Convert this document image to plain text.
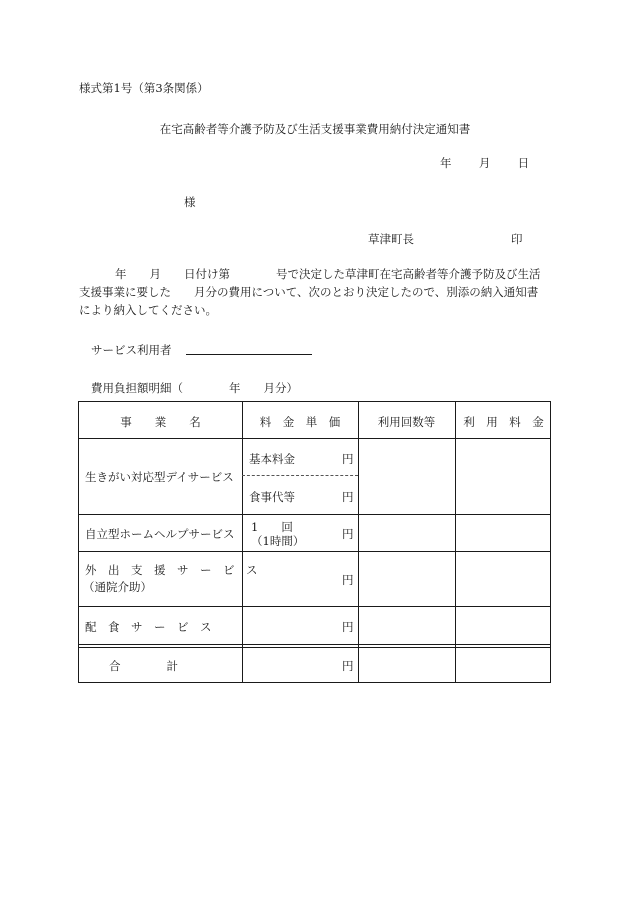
様式第1号（第3条関係）
在宅高齢者等介護予防及び生活支援事業費用納付決定通知書
年 月 日
様
草津町長	印

年　　月　　日付け第　　　　号で決定した草津町在宅高齢者等介護予防及び生活

支援事業に要した　　月分の費用について、次のとおり決定したので、別添の納入通知書

により納入してください。

サービス利用者
費用負担額明細（　　　　年　　月分）
事　　業　　名	料　金　単　価	利用回数等	利　用　料　金
生きがい対応型デイサービス
基本料金	円
食事代等	円
自立型ホームヘルプサービス 1　　回
（1時間）	円
外　出　支　援　サ　ー　ビ　ス
（通院介助）	円
配　食　サ　ー　ビ　ス	円
合　　　　計	円
